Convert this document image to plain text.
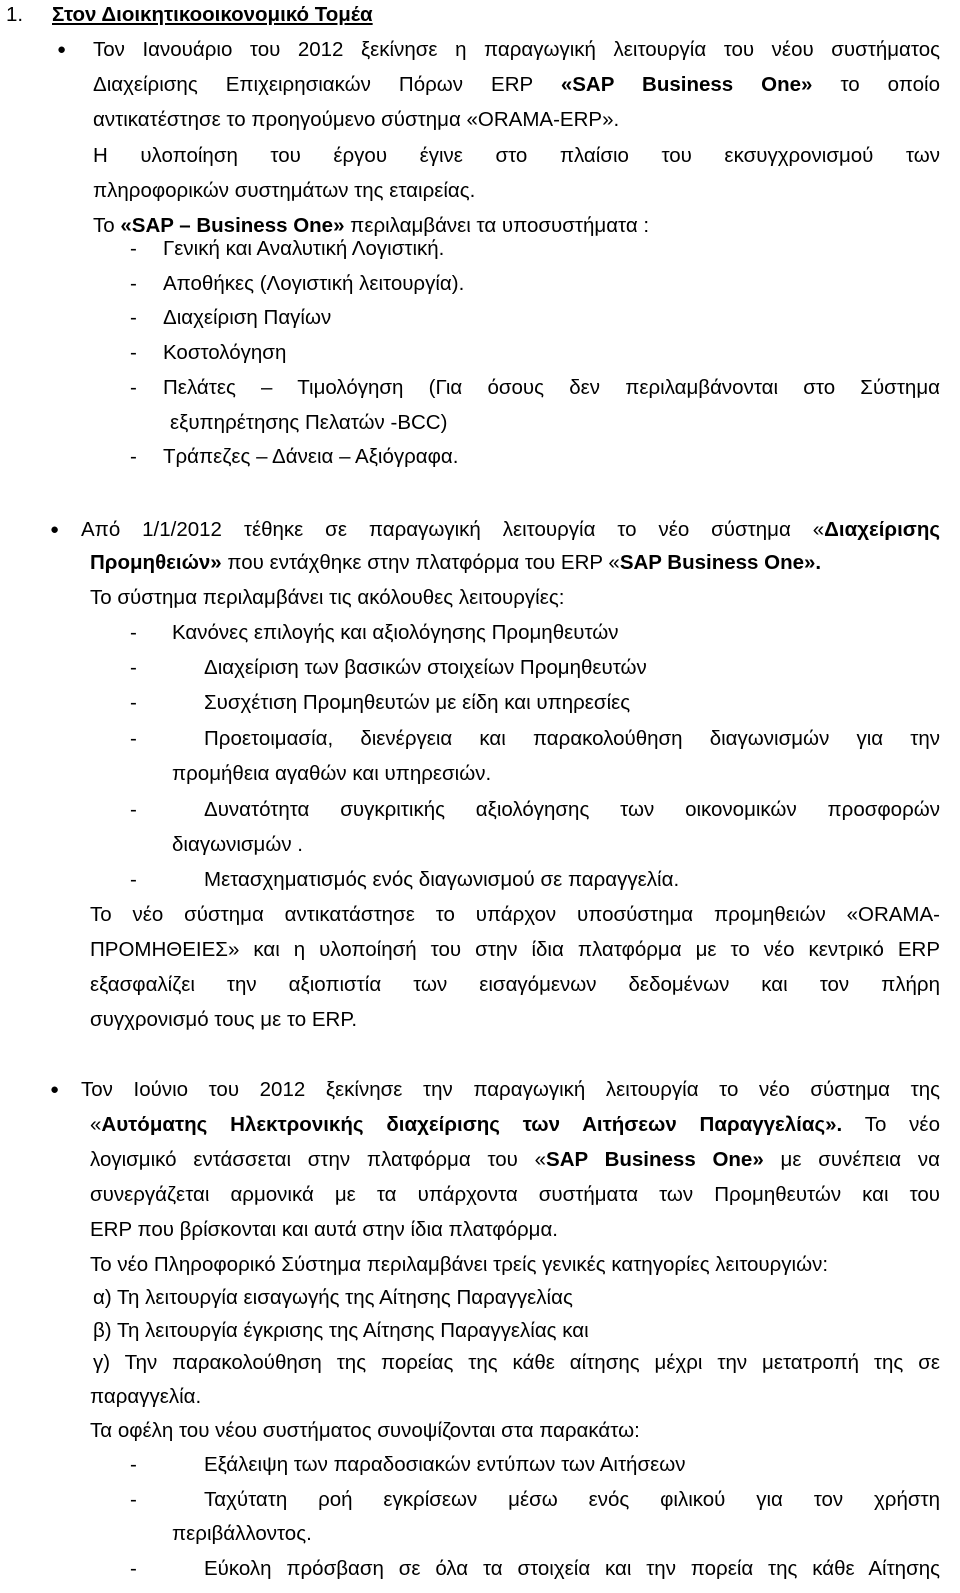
1. Στον Διοικητικοοικονομικό Τομέα
● Τον Ιανουάριο του 2012 ξεκίνησε η παραγωγική λειτουργία του νέου συστήματος
Διαχείρισης Επιχειρησιακών Πόρων ERP «SAP Business One» το οποίο
αντικατέστησε το προηγούμενο σύστημα «ORAMA-ERP».
Η υλοποίηση του έργου έγινε στο πλαίσιο του εκσυγχρονισμού των
πληροφορικών συστημάτων της εταιρείας.
Το «SAP – Business One» περιλαμβάνει τα υποσυστήματα :
- Γενική και Αναλυτική Λογιστική.
- Αποθήκες (Λογιστική λειτουργία).
- Διαχείριση Παγίων
- Κοστολόγηση
- Πελάτες – Τιμολόγηση (Για όσους δεν περιλαμβάνονται στο Σύστημα
εξυπηρέτησης Πελατών -BCC)
- Τράπεζες – Δάνεια – Αξιόγραφα.
● Από 1/1/2012 τέθηκε σε παραγωγική λειτουργία το νέο σύστημα «Διαχείρισης
Προμηθειών» που εντάχθηκε στην πλατφόρμα του ERP «SAP Business One».
Το σύστημα περιλαμβάνει τις ακόλουθες λειτουργίες:
- Κανόνες επιλογής και αξιολόγησης Προμηθευτών
-	Διαχείριση των βασικών στοιχείων Προμηθευτών
-	Συσχέτιση Προμηθευτών με είδη και υπηρεσίες
-	Προετοιμασία, διενέργεια και παρακολούθηση διαγωνισμών για την
προμήθεια αγαθών και υπηρεσιών.
-	Δυνατότητα συγκριτικής αξιολόγησης των οικονομικών προσφορών
διαγωνισμών .
-	Μετασχηματισμός ενός διαγωνισμού σε παραγγελία.
Το νέο σύστημα αντικατάστησε το υπάρχον υποσύστημα προμηθειών «ORAMA-
ΠΡΟΜΗΘΕΙΕΣ» και η υλοποίησή του στην ίδια πλατφόρμα με το νέο κεντρικό ERP
εξασφαλίζει την αξιοπιστία των εισαγόμενων δεδομένων και τον πλήρη
συγχρονισμό τους με το ERP.
● Τον Ιούνιο του 2012 ξεκίνησε την παραγωγική λειτουργία το νέο σύστημα της
«Αυτόματης Ηλεκτρονικής διαχείρισης των Αιτήσεων Παραγγελίας». Το νέο
λογισμικό εντάσσεται στην πλατφόρμα του «SAP Business One» με συνέπεια να
συνεργάζεται αρμονικά με τα υπάρχοντα συστήματα των Προμηθευτών και του
ERP που βρίσκονται και αυτά στην ίδια πλατφόρμα.
Το νέο Πληροφορικό Σύστημα περιλαμβάνει τρείς γενικές κατηγορίες λειτουργιών:
α) Τη λειτουργία εισαγωγής της Αίτησης Παραγγελίας
β) Τη λειτουργία έγκρισης της Αίτησης Παραγγελίας και
γ) Την παρακολούθηση της πορείας της κάθε αίτησης μέχρι την μετατροπή της σε
παραγγελία.
Τα οφέλη του νέου συστήματος συνοψίζονται στα παρακάτω:
-	Εξάλειψη των παραδοσιακών εντύπων των Αιτήσεων
-	Ταχύτατη ροή εγκρίσεων μέσω ενός φιλικού για τον χρήστη
περιβάλλοντος.
-	Εύκολη πρόσβαση σε όλα τα στοιχεία και την πορεία της κάθε Αίτησης
